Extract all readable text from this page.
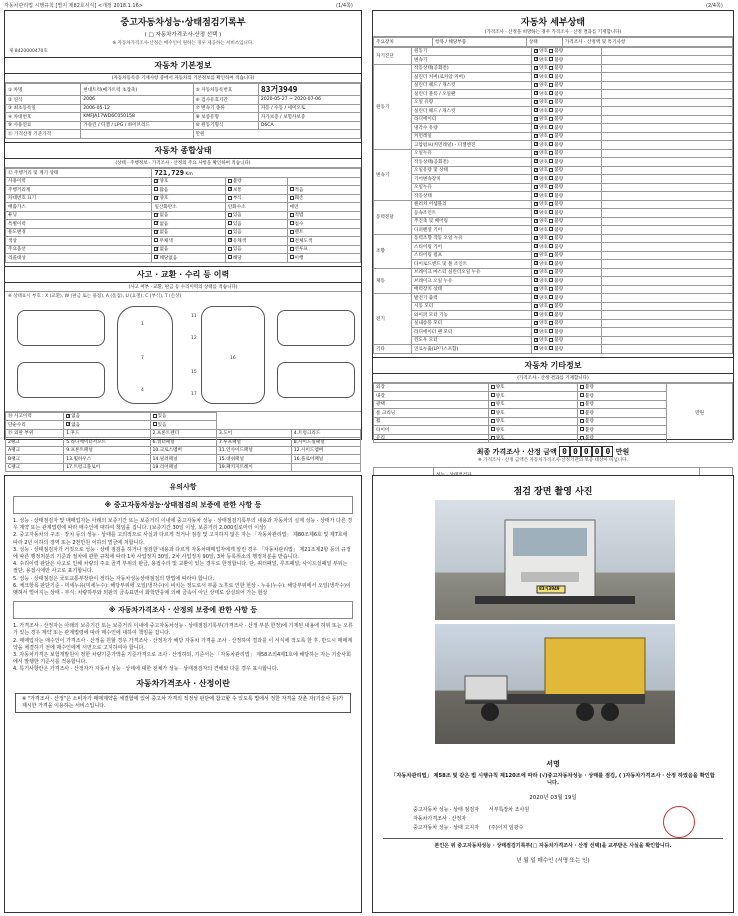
자동차관리법 시행규칙 [별지 제82호서식] <개정 2018.1.16>	(1/4쪽)	(2/4쪽)
중고자동차성능·상태점검기록부
( □ 자동차가격조사·산정 선택 )
※ 자동차가격조사·산정은 매수인이 원하는 경우 제공하는 서비스입니다.
제 8420000470호
자동차 기본정보
(자동차등록증 기재사항 중에서 자동차의 기본정보를 확인하여 적습니다)
① 차명	현대트럭(메가트럭 초장축)	⑤ 자동차등록번호	83거3949
② 연식	2006	⑥ 검사유효기간	2020-05-27 ~ 2020-07-06
③ 최초등록일	2006-05-12	⑦ 변속기 종류	자동 / 수동 / 세미오토
④ 차대번호	KMFJA17WD6C050158	⑧ 보증유형	자가보증 / 보험사보증
⑨ 사용연료	가솔린 / 디젤 / LPG / 하이브리드	⑩ 원동기형식	D6CA
⑪ 가격산정 기준가격		만원	
자동차 종합상태
(상태 · 주행정보 · 가격조사 · 산정의 주요 사항을 확인하여 적습니다)
⑫ 주행거리 및 계기 상태	721,729 Km		
사용이력	✓양호	불량	
주행거리계	많음	✓보통	적음
차대번호 표기	✓양호	부식	훼손
배출가스	일산화탄소	탄화수소	매연
튜닝	✓없음	있음	적법
특별이력	✓없음	있음	침수
용도변경	✓없음	있음	렌트
색상	무채색	✓유채색	전체도색
주요옵션	✓없음	있음	선루프
리콜대상	✓해당없음	해당	이행
사고 · 교환 · 수리 등 이력
(사고 여부 · 교환, 판금 등 수리이력의 상태를 적습니다)
※ 상태표시 부호 : X (교환), W (판금 또는 용접), A (흠집), U (요철), C (부식), T (손상)
1
7
4
16
11
12
15
17
⑭ 사고이력	✓없음	있음		
단순수리	✓없음	있음		
⑮ 외판 부위	1.후드	2.프론트펜더	3.도어	4.트렁크리드
2랭크	5.라디에이터서포트	6.쿼터패널	7.루프패널	8.사이드실패널
A랭크	9.프론트패널	10.크로스멤버	11.인사이드패널	12.사이드멤버
B랭크	13.휠하우스	14.필러패널	15.대쉬패널	16.플로어패널
C랭크	17.트렁크플로어	18.리어패널	19.패키지트레이	
자동차 세부상태
(가격조사 · 산정을 희망하는 경우 가격조사 · 산정 결과를 기재합니다)
주요장치	항목 / 해당부품	상태	가격조사 · 산정액 및 특기사항
자기진단	원동기	✓양호 불량	
	변속기	✓양호 불량	
원동기	작동상태(공회전)	✓양호 불량	
	실린더 커버(로커암 커버)	✓양호 불량	
	실린더 헤드 / 개스킷	✓양호 불량	
	실린더 블록 / 오일팬	✓양호 불량	
	오일 유량	✓양호 불량	
	실린더 헤드 / 개스킷	✓양호 불량	
	라디에이터	✓양호 불량	
	냉각수 유량	✓양호 불량	
	커먼레일	✓양호 불량	
	고압펌프(커먼레일) - 디젤엔진	✓양호 불량	
변속기	오일누유	✓양호 불량	
	작동상태(공회전)	✓양호 불량	
	오일유량 및 상태	✓양호 불량	
	기어변속장치	✓양호 불량	
	오일누유	✓양호 불량	
	작동상태	✓양호 불량	
동력전달	클러치 어셈블리	✓양호 불량	
	등속조인트	✓양호 불량	
	추진축 및 베어링	✓양호 불량	
	디퍼렌셜 기어	✓양호 불량	
조향	동력조향 작동 오일 누유	✓양호 불량	
	스티어링 기어	✓양호 불량	
	스티어링 펌프	✓양호 불량	
	타이로드엔드 및 볼 조인트	✓양호 불량	
제동	브레이크 마스터 실린더오일 누유	✓양호 불량	
	브레이크 오일 누유	✓양호 불량	
	배력장치 상태	✓양호 불량	
전기	발전기 출력	✓양호 불량	
	시동 모터	✓양호 불량	
	와이퍼 모터 기능	✓양호 불량	
	실내송풍 모터	✓양호 불량	
	라디에이터 팬 모터	✓양호 불량	
	윈도우 모터	✓양호 불량	
기타	연료누출(LP가스포함)	✓양호 불량	
자동차 기타정보
(가격조사 · 산정 결과를 기재합니다)
외장	양호	불량	만원
내장	양호	불량	
광택	양호	불량	
룸 크리닝	양호	불량	
휠	양호	불량	
타이어	양호	불량	
유리	양호	불량	
최종 가격조사 · 산정 금액 0 0 0 0 0 만원
※ 가격조사 · 산정 금액은 자동차가격조사·산정기관의 보증 대상이 아닙니다.

유의사항
※ 중고자동차성능·상태점검의 보증에 관한 사항 등

1. 성능 · 상태점검자 및 매매업자는 아래의 보증기간 또는 보증거리 이내에 중고자동차 성능 · 상태점검기록부의 내용과 자동차의 실제 성능 · 상태가 다른 경우 계약 또는 관계법령에 따라 매수인에 대하여 책임을 집니다. (보증기간 30일 이상, 보증거리 2,000킬로미터 이상)

2. 중고자동차의 구조 · 장치 등의 성능 · 상태를 고의적으로 사실과 다르게 적거나 점검 및 고지하지 않은 자는 「자동차관리법」 제80조제6호 및 제7호에 따라 2년 이하의 징역 또는 2천만원 이하의 벌금에 처합니다.

3. 성능 · 상태점검자가 거짓으로 성능 · 상태 점검을 하거나 점검한 내용과 다르게 자동차매매업자에게 알린 경우 「자동차관리법」 제21조제2항 등의 규정에 따른 행정처분의 기준과 절차에 관한 규칙에 따라 1차 사업정지 30일, 2차 사업정지 90일, 3차 등록취소의 행정처분을 받습니다.

4. 수리이력 판단은 사고로 인해 차량의 주요 골격 부위의 판금, 용접수리 및 교환이 있는 경우로 한정합니다. 단, 쿼터패널, 루프패널, 사이드실패널 부위는 절단, 용접시에만 사고로 표기합니다.

5. 성능 · 상태점검은 국토교통부장관이 정하는 자동차성능상태점검의 방법에 따라야 합니다.

6. 체크항목 판단기준 - 미세누유(미세누수): 해당부위에 오일(냉각수)이 비치는 정도로서 부품 노후로 인한 현상 - 누유(누수): 해당부위에서 오일(냉각수)이 맺혀서 떨어지는 상태 - 부식: 차량하부와 외판의 금속표면이 화학반응에 의해 금속이 아닌 상태로 상실되어 가는 현상

※ 자동차가격조사 · 산정의 보증에 관한 사항 등

1. 가격조사 · 산정자는 아래의 보증기간 또는 보증거리 이내에 중고자동차성능 · 상태점검기록부(가격조사 · 산정 부분 한정)에 기재된 내용에 허위 또는 오류가 있는 경우 계약 또는 관계법령에 따라 매수인에 대하여 책임을 집니다.

2. 매매업자는 매수인이 가격조사 · 산정을 원할 경우 가격조사 · 산정자가 해당 자동차 가격을 조사 · 산정하여 결과를 이 서식에 적도록 한 후, 반드시 매매계약을 체결하기 전에 매수인에게 서면으로 고지하여야 합니다.

3. 자동차가격은 보험개발원이 정한 차량기준가액을 기준가격으로 조사 · 산정하되, 기준서는 「자동차관리법」 제58조의4제1호에 해당하는 자는 기술사회에서 발행한 기준서를 적용합니다.

4. 특기사항란은 가격조사 · 산정자가 자동차 성능 · 상태에 대한 전체가 성능 · 상태점검자의 견해와 다를 경우 표시합니다.

자동차가격조사 · 산정이란
※ "가격조사 · 산정"은 소비자가 매매계약을 체결함에 있어 중고차 가격의 적정성 판단에 참고할 수 있도록 법에서 정한 자격을 갖춘 자(기술사 등)가 제시한 가격을 이용하는 서비스입니다.
점검 장면 촬영 사진
83거3949
서명
「자동차관리법」 제58조 및 같은 법 시행규칙 제120조에 따라 (√)중고자동차성능 · 상태를 점검, ( )자동차가격조사 · 산정 하였음을 확인합니다.
2020년 03월 19일
중고자동차 성능 · 상태 점검자	서부특장차 조사원
자동차가격조사 · 산정자	
중고자동차 성능 · 상태 고지자	(주)이지 임광수
본인은 위 중고자동차성능 · 상태점검기록부(□ 자동차가격조사 · 산정 선택)을 교부받은 사실을 확인합니다.
년 월 일 매수인 (서명 또는 인)
